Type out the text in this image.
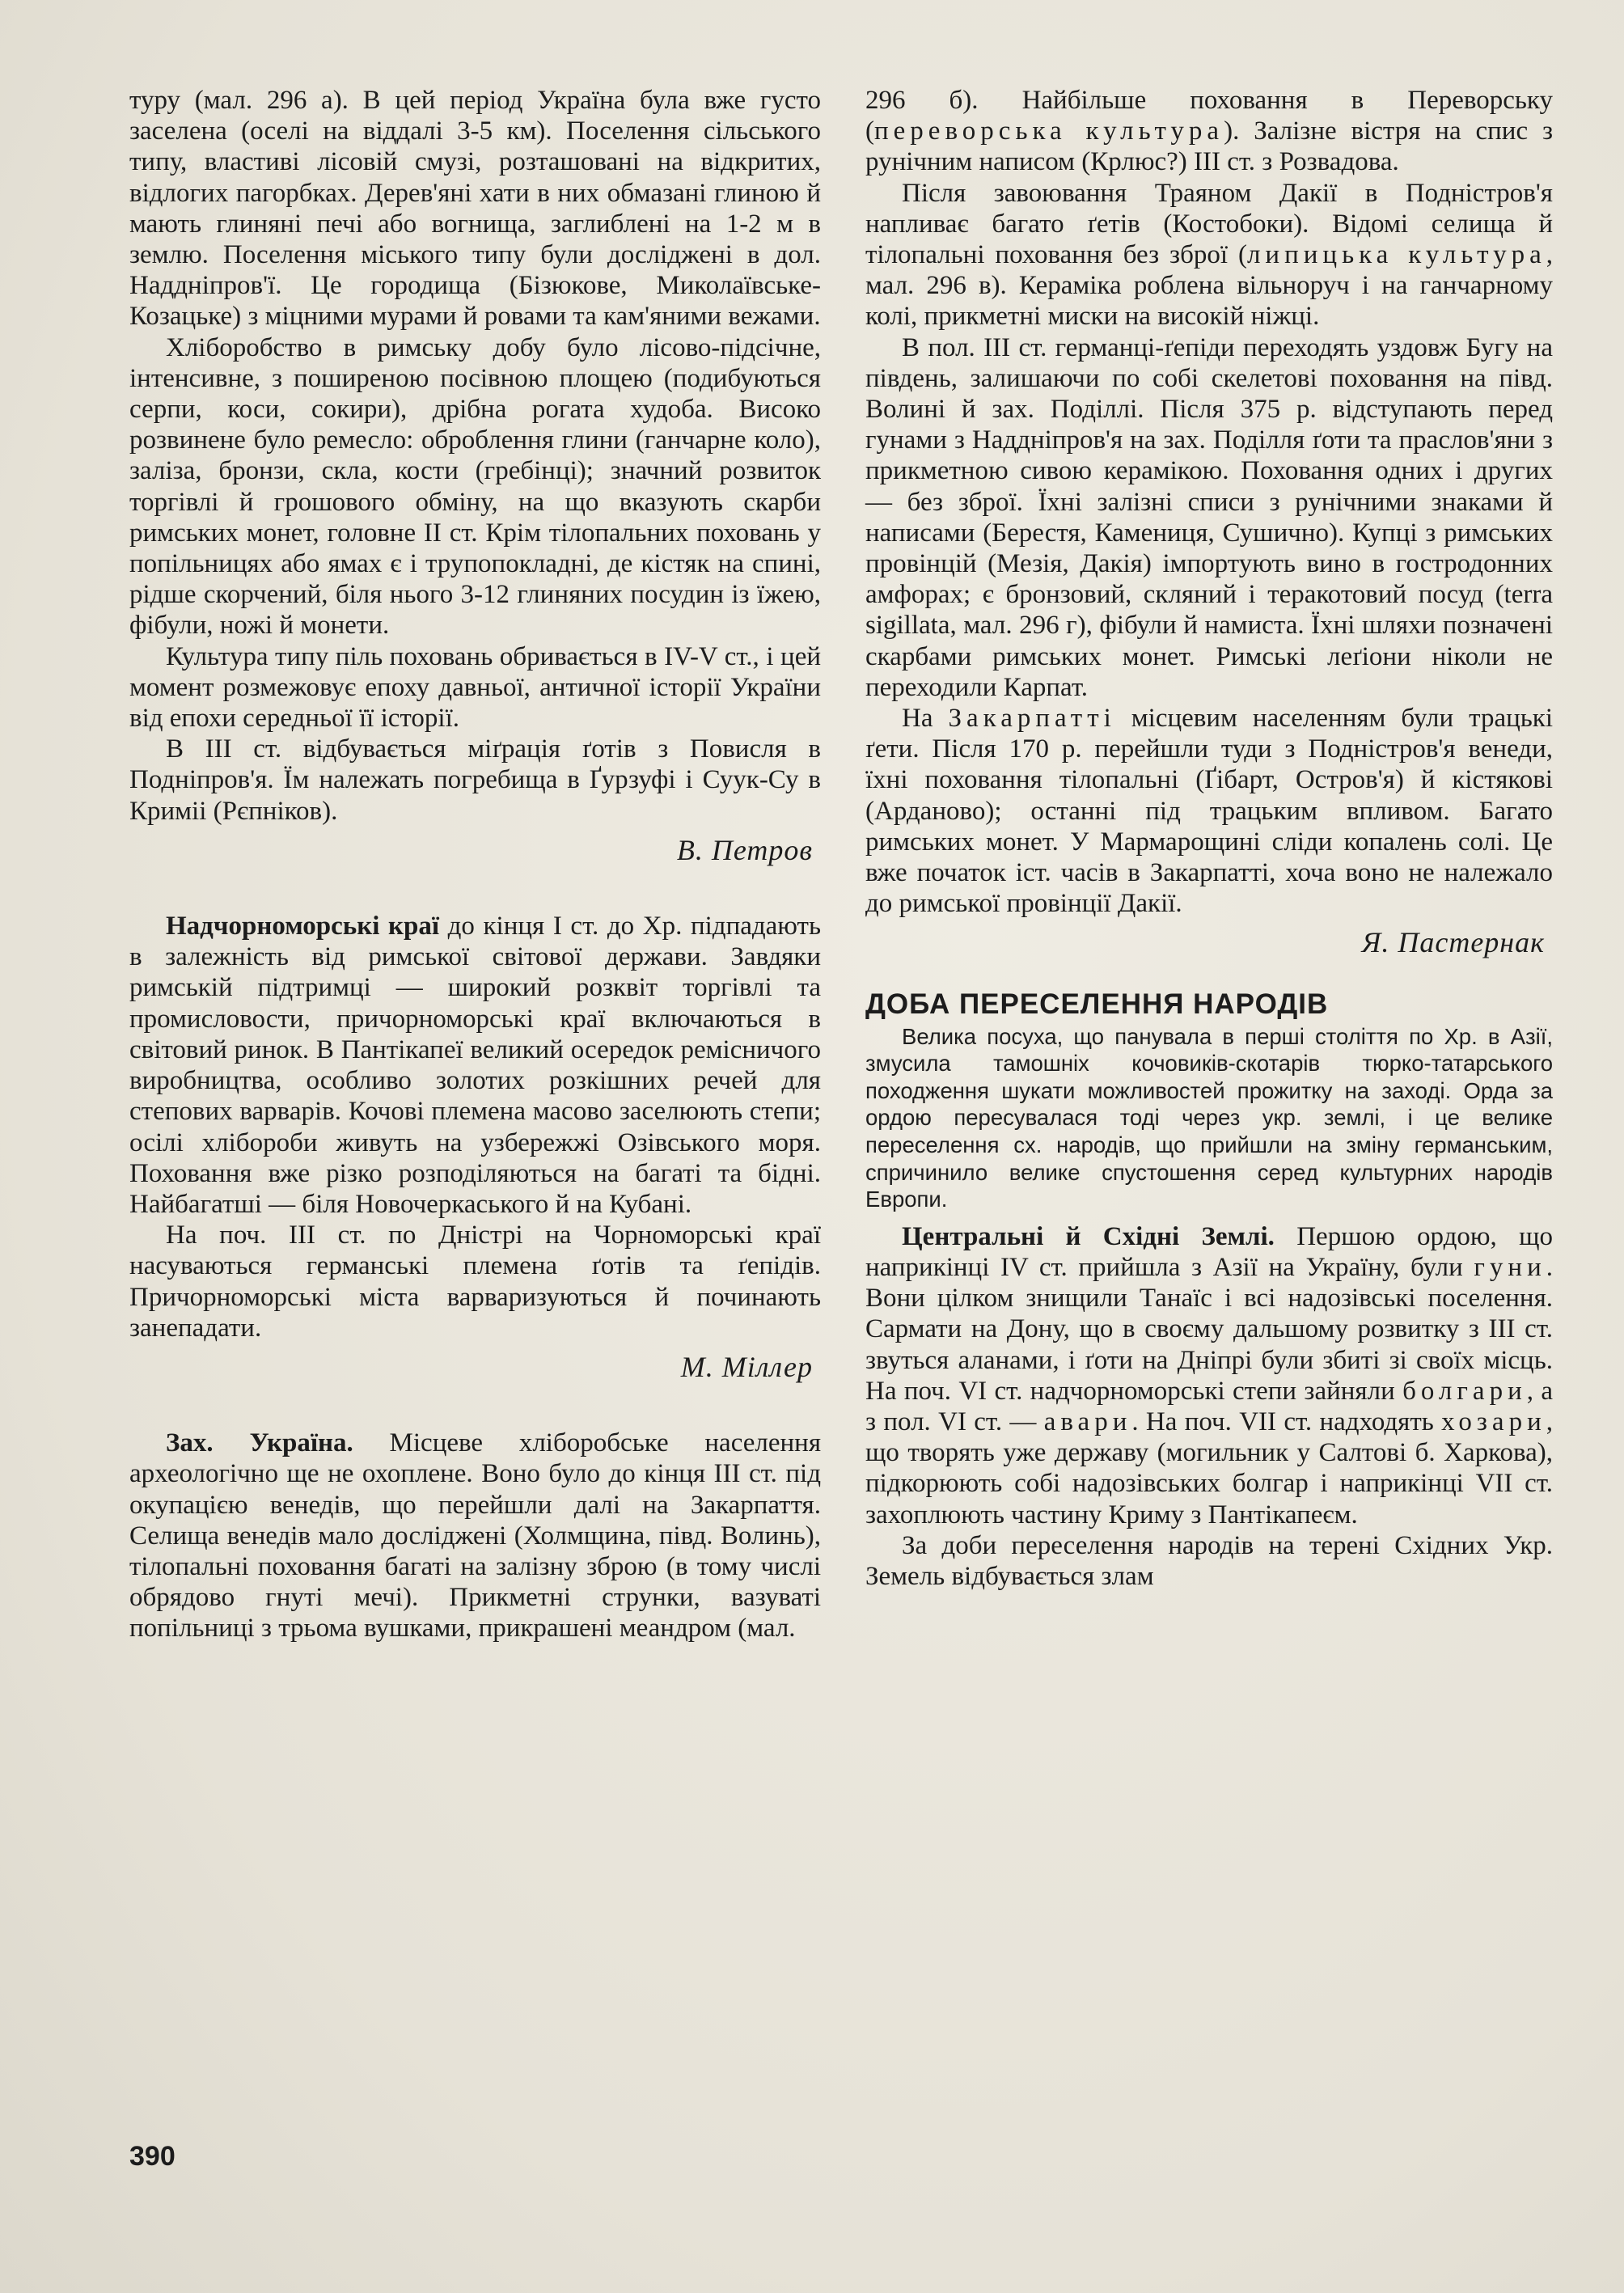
туру (мал. 296 а). В цей період Україна була вже густо заселена (оселі на віддалі 3-5 км). Поселення сільського типу, властиві лісовій смузі, розташовані на відкритих, відлогих пагорбках. Дерев'яні хати в них обмазані глиною й мають глиняні печі або вогнища, заглиблені на 1-2 м в землю. Поселення міського типу були досліджені в дол. Наддніпров'ї. Це городища (Бізюкове, Миколаївське-Козацьке) з міцними мурами й ровами та кам'яними вежами.

Хліборобство в римську добу було лісово-підсічне, інтенсивне, з поширеною посівною площею (подибуються серпи, коси, сокири), дрібна рогата худоба. Високо розвинене було ремесло: оброблення глини (ганчарне коло), заліза, бронзи, скла, кости (гребінці); значний розвиток торгівлі й грошового обміну, на що вказують скарби римських монет, головне II ст. Крім тілопальних поховань у попільницях або ямах є і трупопокладні, де кістяк на спині, рідше скорчений, біля нього 3-12 глиняних посудин із їжею, фібули, ножі й монети.

Культура типу піль поховань обривається в IV-V ст., і цей момент розмежовує епоху давньої, античної історії України від епохи середньої її історії.

В III ст. відбувається міґрація ґотів з Повисля в Подніпров'я. Їм належать погребища в Ґурзуфі і Суук-Су в Криміі (Рєпніков).

В. Петров

Надчорноморські краї до кінця I ст. до Хр. підпадають в залежність від римської світової держави. Завдяки римській підтримці — широкий розквіт торгівлі та промисловости, причорноморські краї включаються в світовий ринок. В Пантікапеї великий осередок ремісничого виробництва, особливо золотих розкішних речей для степових варварів. Кочові племена масово заселюють степи; осілі хлібороби живуть на узбережжі Озівського моря. Поховання вже різко розподіляються на багаті та бідні. Найбагатші — біля Новочеркаського й на Кубані.

На поч. III ст. по Дністрі на Чорноморські краї насуваються германські племена ґотів та ґепідів. Причорноморські міста варваризуються й починають занепадати.

М. Міллер

Зах. Україна. Місцеве хліборобське населення археологічно ще не охоплене. Воно було до кінця III ст. під окупацією венедів, що перейшли далі на Закарпаття. Селища венедів мало досліджені (Холмщина, півд. Волинь), тілопальні поховання багаті на залізну зброю (в тому числі обрядово гнуті мечі). Прикметні струнки, вазуваті попільниці з трьома вушками, прикрашені меандром (мал.

296 б). Найбільше поховання в Переворську (переворська культура). Залізне вістря на спис з рунічним написом (Крлюс?) III ст. з Розвадова.

Після завоювання Траяном Дакії в Подністров'я напливає багато ґетів (Костобоки). Відомі селища й тілопальні поховання без зброї (липицька культура, мал. 296 в). Кераміка роблена вільноруч і на ганчарному колі, прикметні миски на високій ніжці.

В пол. III ст. германці-ґепіди переходять уздовж Бугу на південь, залишаючи по собі скелетові поховання на півд. Волині й зах. Поділлі. Після 375 р. відступають перед гунами з Наддніпров'я на зах. Поділля ґоти та праслов'яни з прикметною сивою керамікою. Поховання одних і других — без зброї. Їхні залізні списи з рунічними знаками й написами (Берестя, Камениця, Сушично). Купці з римських провінцій (Мезія, Дакія) імпортують вино в гостродонних амфорах; є бронзовий, скляний і теракотовий посуд (terra sigillata, мал. 296 г), фібули й намиста. Їхні шляхи позначені скарбами римських монет. Римські леґіони ніколи не переходили Карпат.

На Закарпатті місцевим населенням були трацькі ґети. Після 170 р. перейшли туди з Подністров'я венеди, їхні поховання тілопальні (Ґібарт, Остров'я) й кістякові (Арданово); останні під трацьким впливом. Багато римських монет. У Мармарощині сліди копалень солі. Це вже початок іст. часів в Закарпатті, хоча воно не належало до римської провінції Дакії.

Я. Пастернак
ДОБА ПЕРЕСЕЛЕННЯ НАРОДІВ

Велика посуха, що панувала в перші століття по Хр. в Азії, змусила тамошніх кочовиків-скотарів тюрко-татарського походження шукати можливостей прожитку на заході. Орда за ордою пересувалася тоді через укр. землі, і це велике переселення сх. народів, що прийшли на зміну германським, спричинило велике спустошення серед культурних народів Европи.

Центральні й Східні Землі. Першою ордою, що наприкінці IV ст. прийшла з Азії на Україну, були гуни. Вони цілком знищили Танаїс і всі надозівські поселення. Сармати на Дону, що в своєму дальшому розвитку з III ст. звуться аланами, і ґоти на Дніпрі були збиті зі своїх місць. На поч. VI ст. надчорноморські степи зайняли болгари, а з пол. VI ст. — авари. На поч. VII ст. надходять хозари, що творять уже державу (могильник у Салтові б. Харкова), підкорюють собі надозівських болгар і наприкінці VII ст. захоплюють частину Криму з Пантікапеєм.

За доби переселення народів на терені Східних Укр. Земель відбувається злам

390
